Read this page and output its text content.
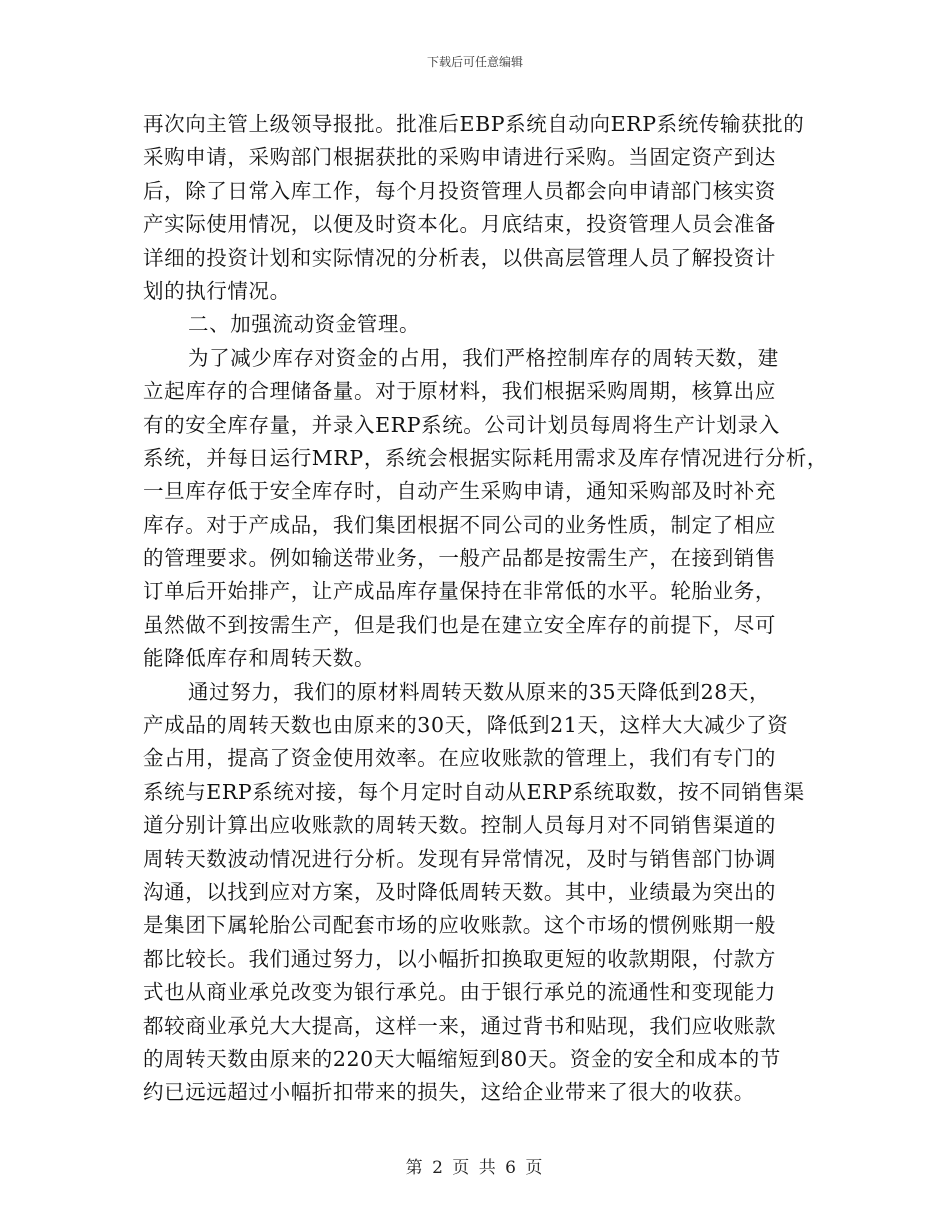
下载后可任意编辑
再次向主管上级领导报批。批准后EBP系统自动向ERP系统传输获批的
采购申请，采购部门根据获批的采购申请进行采购。当固定资产到达
后，除了日常入库工作，每个月投资管理人员都会向申请部门核实资
产实际使用情况，以便及时资本化。月底结束，投资管理人员会准备
详细的投资计划和实际情况的分析表，以供高层管理人员了解投资计
划的执行情况。
二、加强流动资金管理。
为了减少库存对资金的占用，我们严格控制库存的周转天数，建
立起库存的合理储备量。对于原材料，我们根据采购周期，核算出应
有的安全库存量，并录入ERP系统。公司计划员每周将生产计划录入
系统，并每日运行MRP，系统会根据实际耗用需求及库存情况进行分析，
一旦库存低于安全库存时，自动产生采购申请，通知采购部及时补充
库存。对于产成品，我们集团根据不同公司的业务性质，制定了相应
的管理要求。例如输送带业务，一般产品都是按需生产，在接到销售
订单后开始排产，让产成品库存量保持在非常低的水平。轮胎业务，
虽然做不到按需生产，但是我们也是在建立安全库存的前提下，尽可
能降低库存和周转天数。
通过努力，我们的原材料周转天数从原来的35天降低到28天，
产成品的周转天数也由原来的30天，降低到21天，这样大大减少了资
金占用，提高了资金使用效率。在应收账款的管理上，我们有专门的
系统与ERP系统对接，每个月定时自动从ERP系统取数，按不同销售渠
道分别计算出应收账款的周转天数。控制人员每月对不同销售渠道的
周转天数波动情况进行分析。发现有异常情况，及时与销售部门协调
沟通，以找到应对方案，及时降低周转天数。其中，业绩最为突出的
是集团下属轮胎公司配套市场的应收账款。这个市场的惯例账期一般
都比较长。我们通过努力，以小幅折扣换取更短的收款期限，付款方
式也从商业承兑改变为银行承兑。由于银行承兑的流通性和变现能力
都较商业承兑大大提高，这样一来，通过背书和贴现，我们应收账款
的周转天数由原来的220天大幅缩短到80天。资金的安全和成本的节
约已远远超过小幅折扣带来的损失，这给企业带来了很大的收获。
第 2 页 共 6 页
